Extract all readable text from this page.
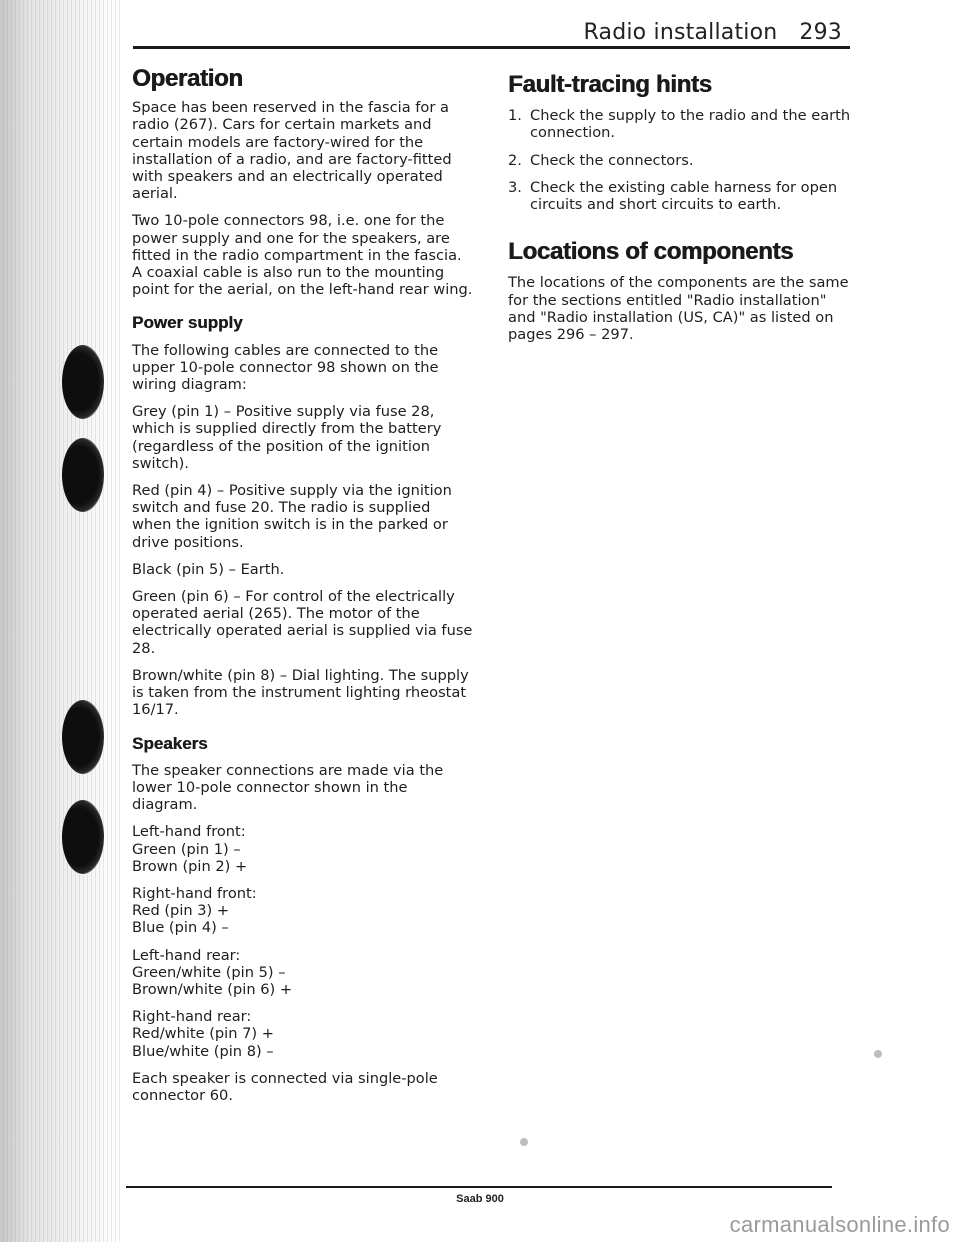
Radio installation 293
Operation

Space has been reserved in the fascia for a radio (267). Cars for certain markets and certain models are factory-wired for the installation of a radio, and are factory-fitted with speakers and an electrically operated aerial.

Two 10-pole connectors 98, i.e. one for the power supply and one for the speakers, are fitted in the radio compartment in the fascia. A coaxial cable is also run to the mounting point for the aerial, on the left-hand rear wing.

Power supply

The following cables are connected to the upper 10-pole connector 98 shown on the wiring diagram:

Grey (pin 1) – Positive supply via fuse 28, which is supplied directly from the battery (regardless of the position of the ignition switch).

Red (pin 4) – Positive supply via the ignition switch and fuse 20. The radio is supplied when the ignition switch is in the parked or drive positions.

Black (pin 5) – Earth.

Green (pin 6) – For control of the electrically operated aerial (265). The motor of the electrically operated aerial is supplied via fuse 28.

Brown/white (pin 8) – Dial lighting. The supply is taken from the instrument lighting rheostat 16/17.

Speakers

The speaker connections are made via the lower 10-pole connector shown in the diagram.

Left-hand front:
Green (pin 1) –
Brown (pin 2) +
Right-hand front:
Red (pin 3) +
Blue (pin 4) –
Left-hand rear:
Green/white (pin 5) –
Brown/white (pin 6) +
Right-hand rear:
Red/white (pin 7) +
Blue/white (pin 8) –

Each speaker is connected via single-pole connector 60.

Fault-tracing hints
1. Check the supply to the radio and the earth connection.
2. Check the connectors.
3. Check the existing cable harness for open circuits and short circuits to earth.
Locations of components

The locations of the components are the same for the sections entitled "Radio installation" and "Radio installation (US, CA)" as listed on pages 296 – 297.

Saab 900
carmanualsonline.info
